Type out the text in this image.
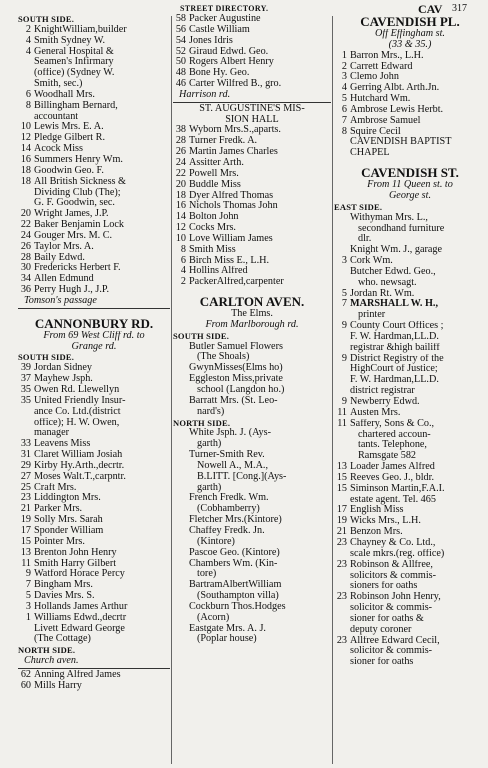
STREET DIRECTORY.	CAV 317
SOUTH SIDE.
2 KnightWilliam,builder
4 Smith Sydney W.
4 General Hospital &
Seamen's Infirmary
(office) (Sydney W.
Smith, sec.)
6 Woodhall Mrs.
8 Billingham Bernard,
accountant
10 Lewis Mrs. E. A.
12 Pledge Gilbert R.
14 Acock Miss
16 Summers Henry Wm.
18 Goodwin Geo. F.
18 All British Sickness &
Dividing Club (The);
G. F. Goodwin, sec.
20 Wright James, J.P.
22 Baker Benjamin Lock
24 Gouger Mrs. M. C.
26 Taylor Mrs. A.
28 Baily Edwd.
30 Fredericks Herbert F.
34 Allen Edmund
36 Perry Hugh J., J.P.
Tomson's passage
CANNONBURY RD.
From 69 West Cliff rd. to
Grange rd.
SOUTH SIDE.
39 Jordan Sidney
37 Mayhew Jsph.
35 Owen Rd. Llewellyn
35 United Friendly Insur-
ance Co. Ltd.(district
office); H. W. Owen,
manager
33 Leavens Miss
31 Claret William Josiah
29 Kirby Hy.Arth.,decrtr.
27 Moses Walt.T.,carpntr.
25 Craft Mrs.
23 Liddington Mrs.
21 Parker Mrs.
19 Solly Mrs. Sarah
17 Sponder William
15 Pointer Mrs.
13 Brenton John Henry
11 Smith Harry Gilbert
9 Watford Horace Percy
7 Bingham Mrs.
5 Davies Mrs. S.
3 Hollands James Arthur
1 Williams Edwd.,decrtr
Livett Edward George
(The Cottage)
NORTH SIDE.
Church aven.
62 Anning Alfred James
60 Mills Harry
58 Packer Augustine
56 Castle William
54 Jones Idris
52 Giraud Edwd. Geo.
50 Rogers Albert Henry
48 Bone Hy. Geo.
46 Carter Wilfred B., gro.
Harrison rd.
ST. AUGUSTINE'S MIS-
SION HALL
38 Wyborn Mrs.S.,aparts.
28 Turner Fredk. A.
26 Martin James Charles
24 Assitter Arth.
22 Powell Mrs.
20 Buddle Miss
18 Dyer Alfred Thomas
16 Nichols Thomas John
14 Bolton John
12 Cocks Mrs.
10 Love William James
8 Smith Miss
6 Birch Miss E., L.H.
4 Hollins Alfred
2 PackerAlfred,carpenter
CARLTON AVEN.
The Elms.
From Marlborough rd.
SOUTH SIDE.
Butler Samuel Flowers
(The Shoals)
GwynMisses(Elms ho)
Eggleston Miss,private
school (Langdon ho.)
Barratt Mrs. (St. Leo-
nard's)
NORTH SIDE.
White Jsph. J. (Ays-
garth)
Turner-Smith Rev.
Nowell A., M.A.,
B.LITT. [Cong.](Ays-
garth)
French Fredk. Wm.
(Cobhamberry)
Fletcher Mrs.(Kintore)
Chaffey Fredk. Jn.
(Kintore)
Pascoe Geo. (Kintore)
Chambers Wm. (Kin-
tore)
BartramAlbertWilliam
(Southampton villa)
Cockburn Thos.Hodges
(Acorn)
Eastgate Mrs. A. J.
(Poplar house)
CAVENDISH PL.
Off Effingham st.
(33 & 35.)
1 Barron Mrs., L.H.
2 Carrett Edward
3 Clemo John
4 Gerring Albt. Arth.Jn.
5 Hutchard Wm.
6 Ambrose Lewis Herbt.
7 Ambrose Samuel
8 Squire Cecil
CAVENDISH BAPTIST
CHAPEL
CAVENDISH ST.
From 11 Queen st. to
George st.
EAST SIDE.
Withyman Mrs. L.,
secondhand furniture
dlr.
Knight Wm. J., garage
3 Cork Wm.
Butcher Edwd. Geo.,
who. newsagt.
5 Jordan Rt. Wm.
7 MARSHALL W. H.,
printer
9 County Court Offices ;
F. W. Hardman,LL.D.
registrar &high bailiff
9 District Registry of the
HighCourt of Justice;
F. W. Hardman,LL.D.
district registrar
9 Newberry Edwd.
11 Austen Mrs.
11 Saffery, Sons & Co.,
chartered accoun-
tants. Telephone,
Ramsgate 582
13 Loader James Alfred
15 Reeves Geo. J., bldr.
15 Siminson Martin,F.A.I.
estate agent. Tel. 465
17 English Miss
19 Wicks Mrs., L.H.
21 Benzon Mrs.
23 Chayney & Co. Ltd.,
scale mkrs.(reg. office)
23 Robinson & Allfree,
solicitors & commis-
sioners for oaths
23 Robinson John Henry,
solicitor & commis-
sioner for oaths &
deputy coroner
23 Allfree Edward Cecil,
solicitor & commis-
sioner for oaths
